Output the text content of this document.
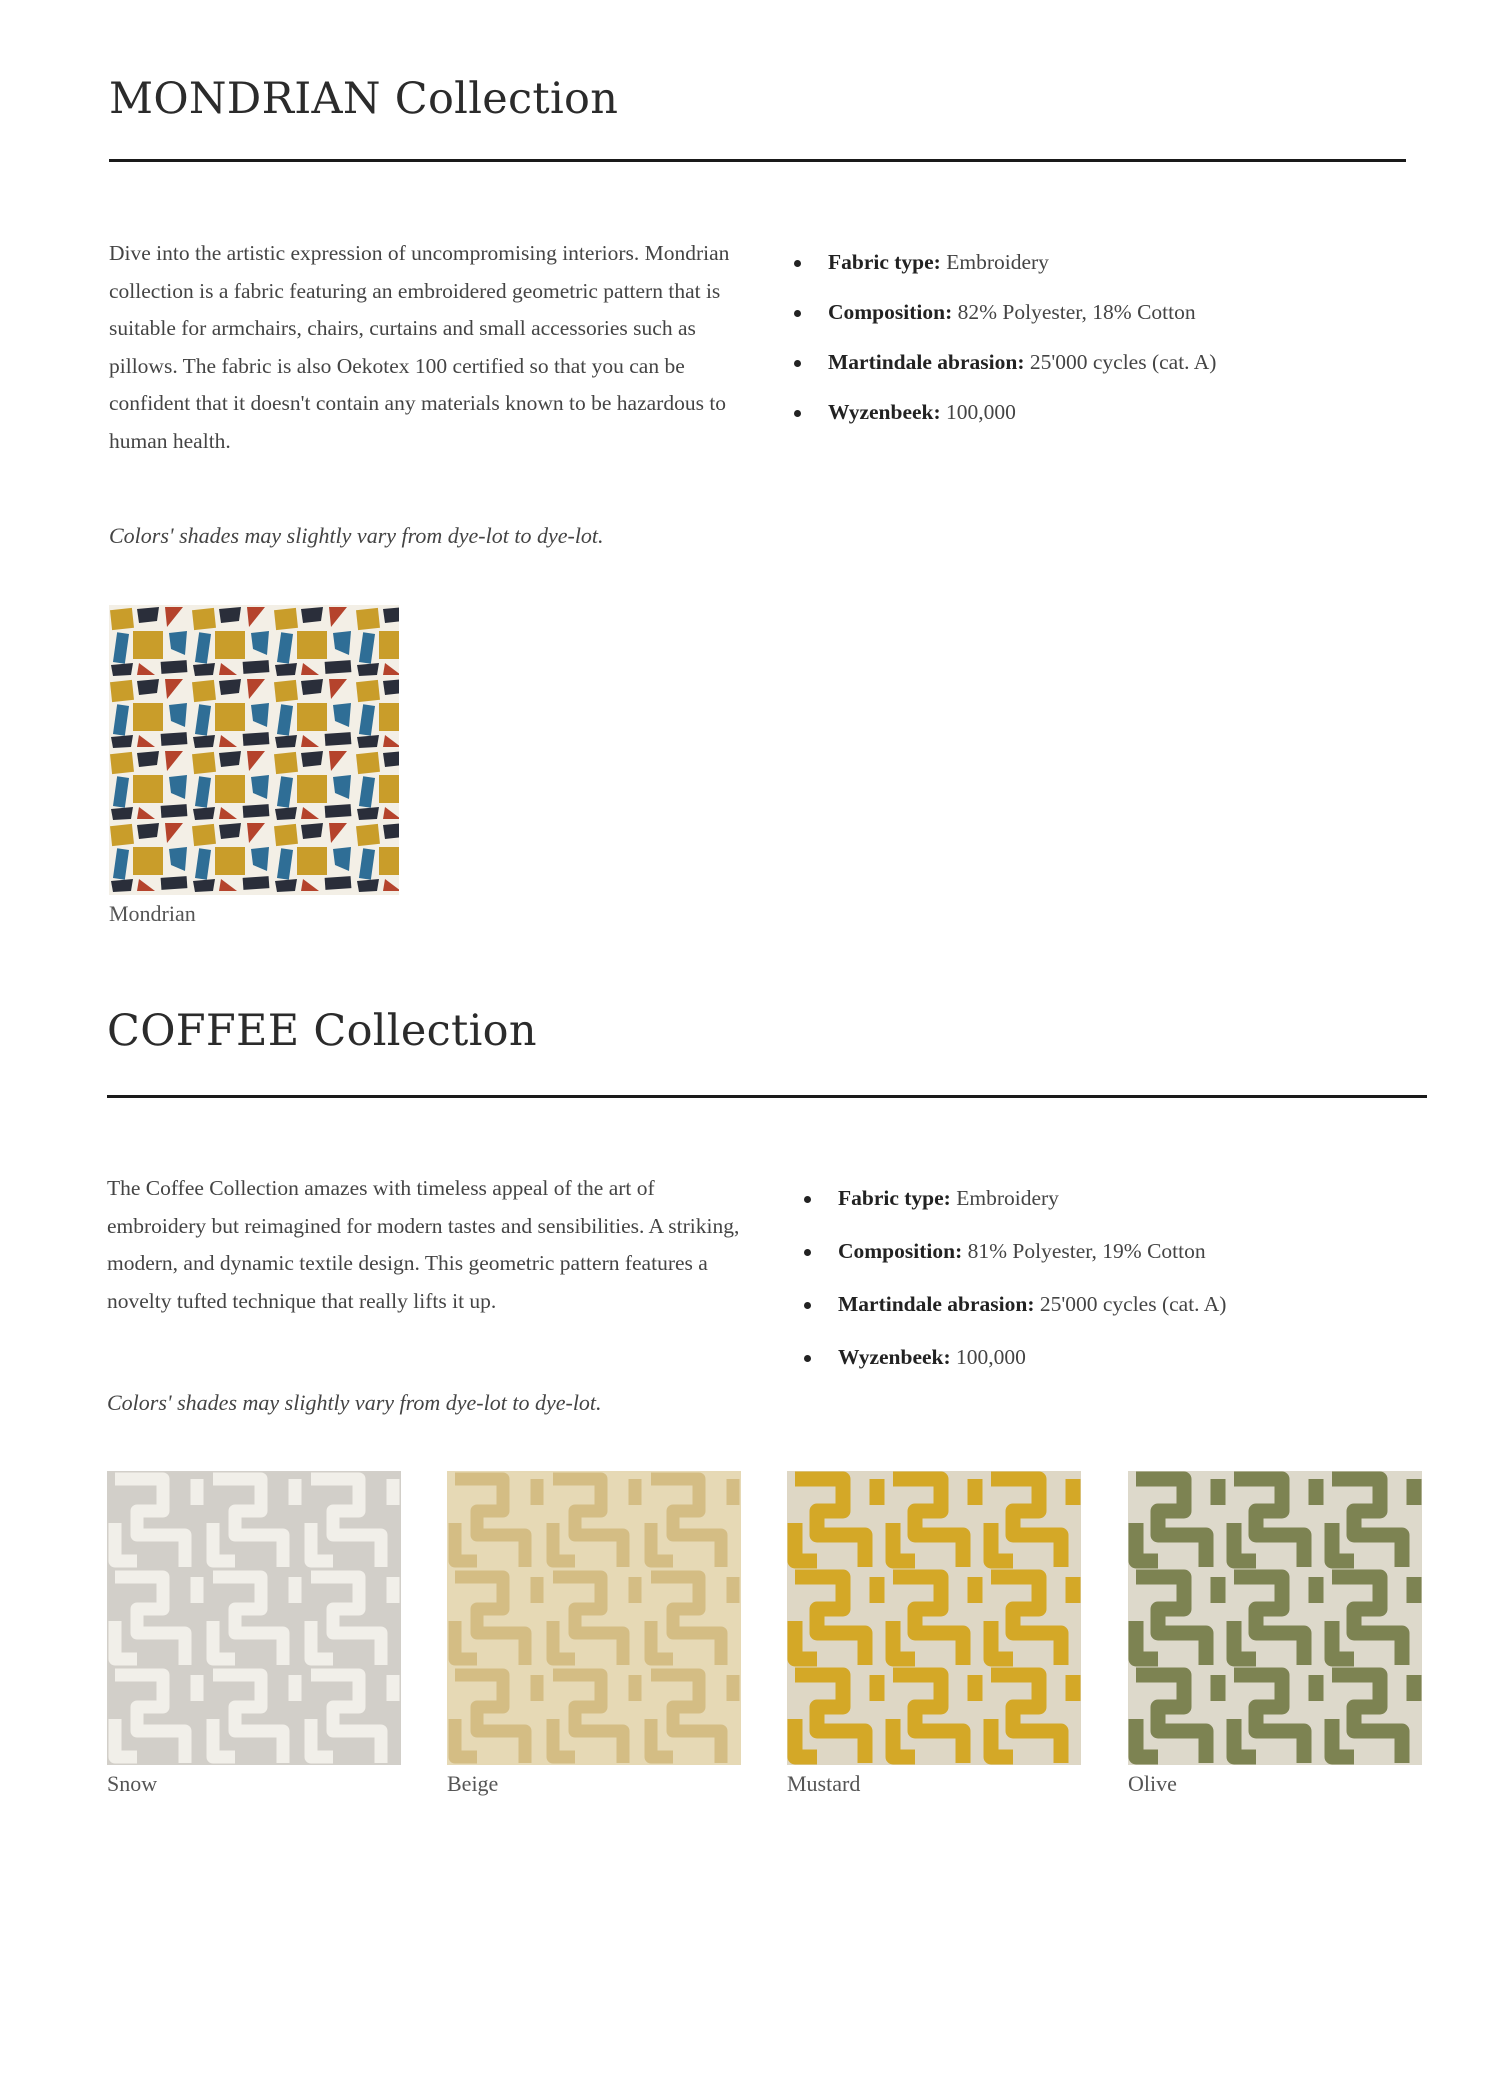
MONDRIAN Collection

Dive into the artistic expression of uncompromising interiors. Mondrian collection is a fabric featuring an embroidered geometric pattern that is suitable for armchairs, chairs, curtains and small accessories such as pillows. The fabric is also Oekotex 100 certified so that you can be confident that it doesn't contain any materials known to be hazardous to human health.

Colors' shades may slightly vary from dye-lot to dye-lot.

Fabric type: Embroidery
Composition: 82% Polyester, 18% Cotton
Martindale abrasion: 25'000 cycles (cat. A)
Wyzenbeek: 100,000
Mondrian
COFFEE Collection

The Coffee Collection amazes with timeless appeal of the art of embroidery but reimagined for modern tastes and sensibilities. A striking, modern, and dynamic textile design. This geometric pattern features a novelty tufted technique that really lifts it up.

Colors' shades may slightly vary from dye-lot to dye-lot.

Fabric type: Embroidery
Composition: 81% Polyester, 19% Cotton
Martindale abrasion: 25'000 cycles (cat. A)
Wyzenbeek: 100,000
Snow	Beige	Mustard	Olive
